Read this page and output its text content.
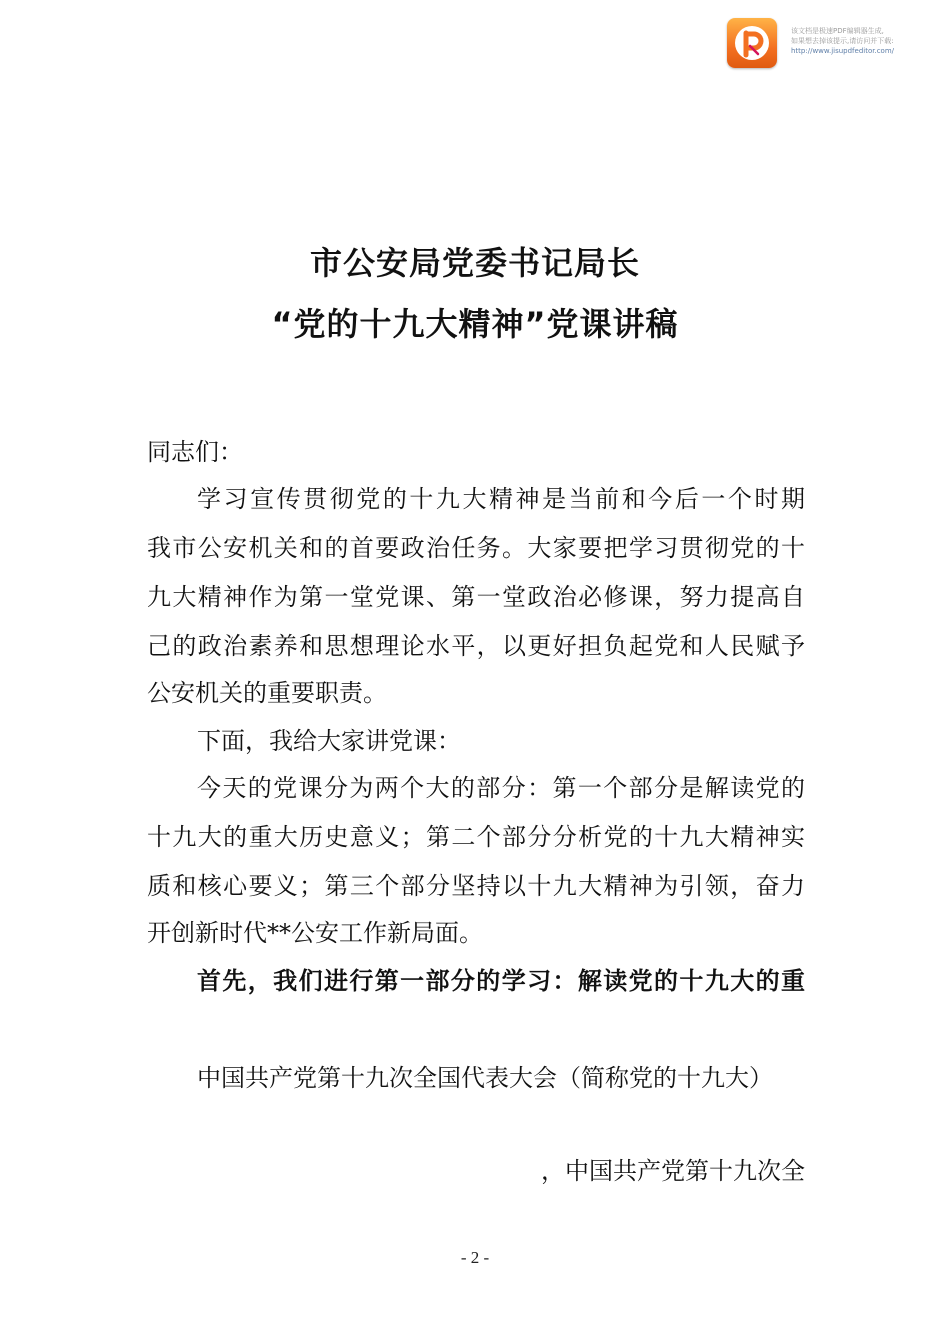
该文档是极速PDF编辑器生成,
如果想去掉该提示,请访问并下载:
http://www.jisupdfeditor.com/
市公安局党委书记局长
“党的十九大精神”党课讲稿
同志们：
学习宣传贯彻党的十九大精神是当前和今后一个时期
我市公安机关和的首要政治任务。大家要把学习贯彻党的十
九大精神作为第一堂党课、第一堂政治必修课，努力提高自
己的政治素养和思想理论水平，以更好担负起党和人民赋予
公安机关的重要职责。
下面，我给大家讲党课：
今天的党课分为两个大的部分：第一个部分是解读党的
十九大的重大历史意义；第二个部分分析党的十九大精神实
质和核心要义；第三个部分坚持以十九大精神为引领，奋力
开创新时代**公安工作新局面。
首先，我们进行第一部分的学习：解读党的十九大的重
中国共产党第十九次全国代表大会（简称党的十九大）
，中国共产党第十九次全
- 2 -
